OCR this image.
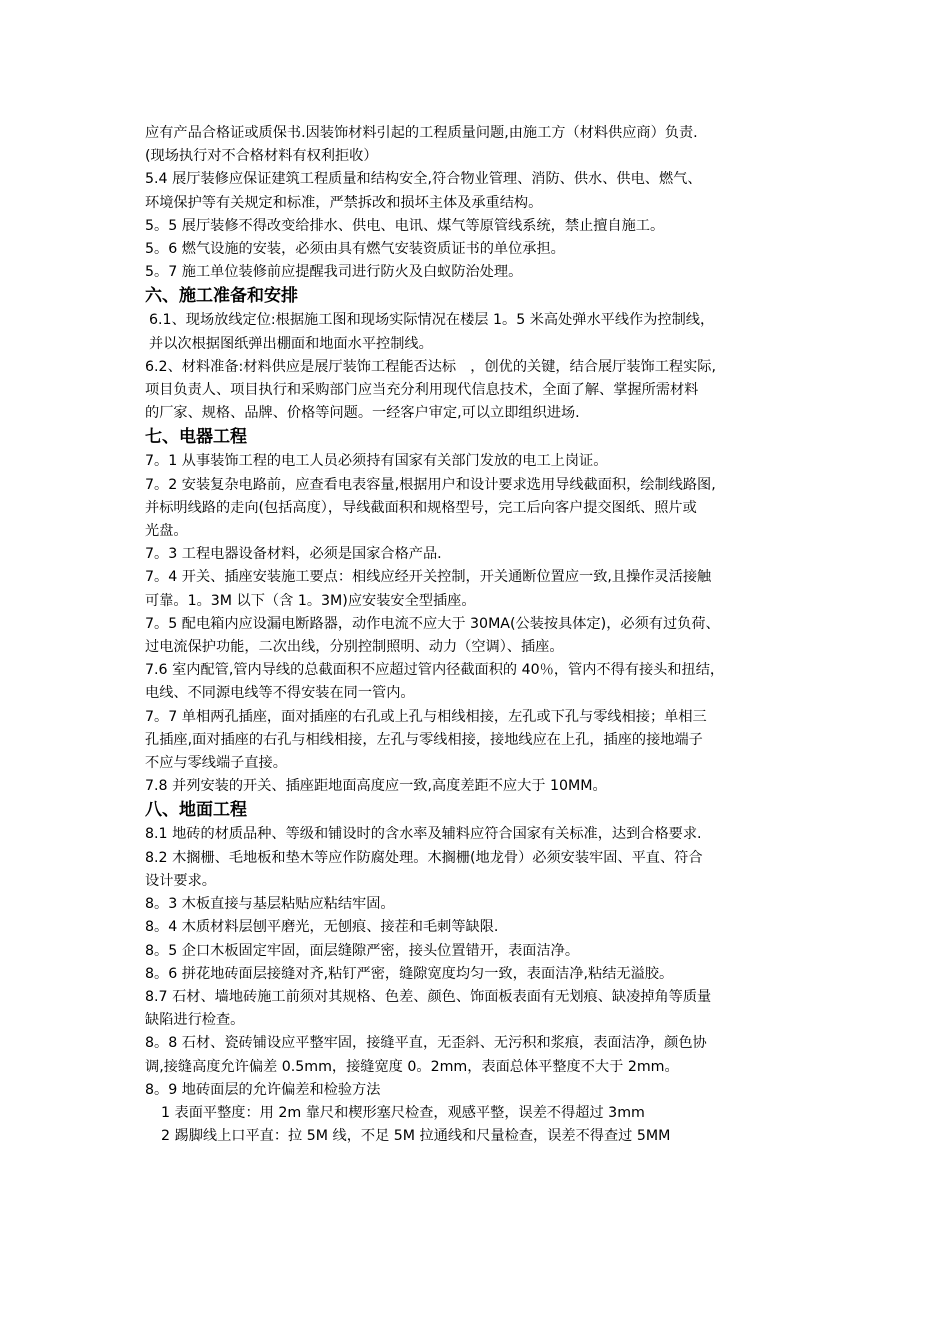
应有产品合格证或质保书.因装饰材料引起的工程质量问题,由施工方（材料供应商）负责.
(现场执行对不合格材料有权利拒收）
5.4 展厅装修应保证建筑工程质量和结构安全,符合物业管理、消防、供水、供电、燃气、
环境保护等有关规定和标准，严禁拆改和损坏主体及承重结构。
5。5 展厅装修不得改变给排水、供电、电讯、煤气等原管线系统，禁止擅自施工。
5。6 燃气设施的安装，必须由具有燃气安装资质证书的单位承担。
5。7 施工单位装修前应提醒我司进行防火及白蚁防治处理。
六、施工准备和安排
6.1、现场放线定位:根据施工图和现场实际情况在楼层 1。5 米高处弹水平线作为控制线，
并以次根据图纸弹出棚面和地面水平控制线。
6.2、材料准备:材料供应是展厅装饰工程能否达标　，创优的关键，结合展厅装饰工程实际,
项目负责人、项目执行和采购部门应当充分利用现代信息技术，全面了解、掌握所需材料
的厂家、规格、品牌、价格等问题。一经客户审定,可以立即组织进场.
七、电器工程
7。1 从事装饰工程的电工人员必须持有国家有关部门发放的电工上岗证。
7。2 安装复杂电路前，应查看电表容量,根据用户和设计要求选用导线截面积，绘制线路图,
并标明线路的走向(包括高度），导线截面积和规格型号，完工后向客户提交图纸、照片或
光盘。
7。3 工程电器设备材料，必须是国家合格产品.
7。4 开关、插座安装施工要点：相线应经开关控制，开关通断位置应一致,且操作灵活接触
可靠。1。3M 以下（含 1。3M)应安装安全型插座。
7。5 配电箱内应设漏电断路器，动作电流不应大于 30MA(公装按具体定)，必须有过负荷、
过电流保护功能，二次出线，分别控制照明、动力（空调）、插座。
7.6 室内配管,管内导线的总截面积不应超过管内径截面积的 40％，管内不得有接头和扭结，
电线、不同源电线等不得安装在同一管内。
7。7 单相两孔插座，面对插座的右孔或上孔与相线相接，左孔或下孔与零线相接；单相三
孔插座,面对插座的右孔与相线相接，左孔与零线相接，接地线应在上孔，插座的接地端子
不应与零线端子直接。
7.8 并列安装的开关、插座距地面高度应一致,高度差距不应大于 10MM。
八、地面工程
8.1 地砖的材质品种、等级和铺设时的含水率及辅料应符合国家有关标准，达到合格要求.
8.2 木搁栅、毛地板和垫木等应作防腐处理。木搁栅(地龙骨）必须安装牢固、平直、符合
设计要求。
8。3 木板直接与基层粘贴应粘结牢固。
8。4 木质材料层刨平磨光，无刨痕、接茬和毛刺等缺限.
8。5 企口木板固定牢固，面层缝隙严密，接头位置错开，表面洁净。
8。6 拼花地砖面层接缝对齐,粘钉严密，缝隙宽度均匀一致，表面洁净,粘结无溢胶。
8.7 石材、墙地砖施工前须对其规格、色差、颜色、饰面板表面有无划痕、缺凌掉角等质量
缺陷进行检查。
8。8 石材、瓷砖铺设应平整牢固，接缝平直，无歪斜、无污积和浆痕，表面洁净，颜色协
调,接缝高度允许偏差 0.5mm，接缝宽度 0。2mm，表面总体平整度不大于 2mm。
8。9 地砖面层的允许偏差和检验方法
1 表面平整度：用 2m 靠尺和楔形塞尺检查，观感平整，误差不得超过 3mm
2 踢脚线上口平直：拉 5M 线，不足 5M 拉通线和尺量检查，误差不得查过 5MM
